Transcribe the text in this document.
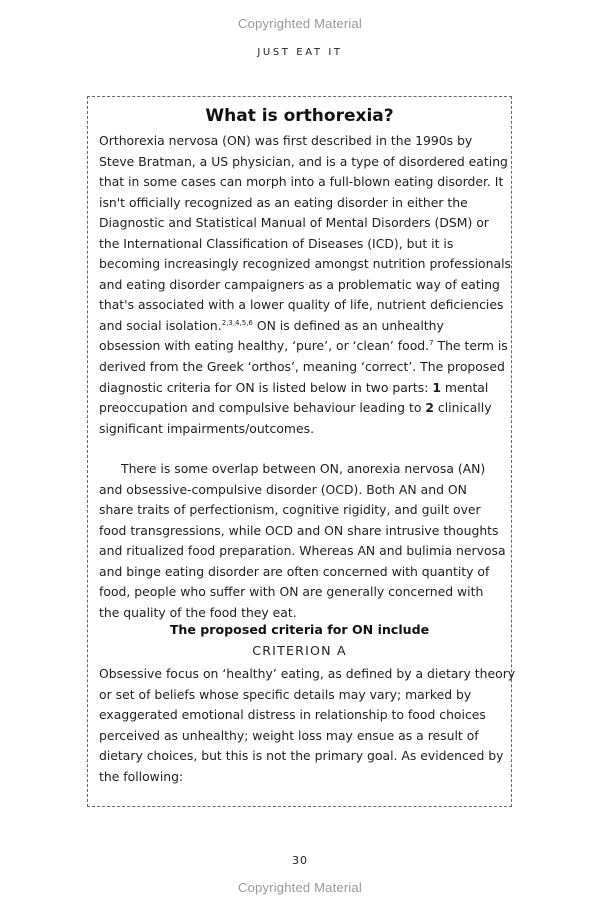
Copyrighted Material
JUST EAT IT
What is orthorexia?

Orthorexia nervosa (ON) was first described in the 1990s by
Steve Bratman, a US physician, and is a type of disordered eating
that in some cases can morph into a full-blown eating disorder. It
isn't officially recognized as an eating disorder in either the
Diagnostic and Statistical Manual of Mental Disorders (DSM) or
the International Classification of Diseases (ICD), but it is
becoming increasingly recognized amongst nutrition professionals
and eating disorder campaigners as a problematic way of eating
that's associated with a lower quality of life, nutrient deficiencies
and social isolation.$^{2,3,4,5,6}$ ON is defined as an unhealthy
obsession with eating healthy, ‘pure’, or ‘clean’ food.$^7$ The term is
derived from the Greek ‘orthos’, meaning ‘correct’. The proposed
diagnostic criteria for ON is listed below in two parts: 1 mental
preoccupation and compulsive behaviour leading to 2 clinically
significant impairments/outcomes.

There is some overlap between ON, anorexia nervosa (AN)
and obsessive-compulsive disorder (OCD). Both AN and ON
share traits of perfectionism, cognitive rigidity, and guilt over
food transgressions, while OCD and ON share intrusive thoughts
and ritualized food preparation. Whereas AN and bulimia nervosa
and binge eating disorder are often concerned with quantity of
food, people who suffer with ON are generally concerned with
the quality of the food they eat.

The proposed criteria for ON include
CRITERION A

Obsessive focus on ‘healthy’ eating, as defined by a dietary theory
or set of beliefs whose specific details may vary; marked by
exaggerated emotional distress in relationship to food choices
perceived as unhealthy; weight loss may ensue as a result of
dietary choices, but this is not the primary goal. As evidenced by
the following:

30
Copyrighted Material
